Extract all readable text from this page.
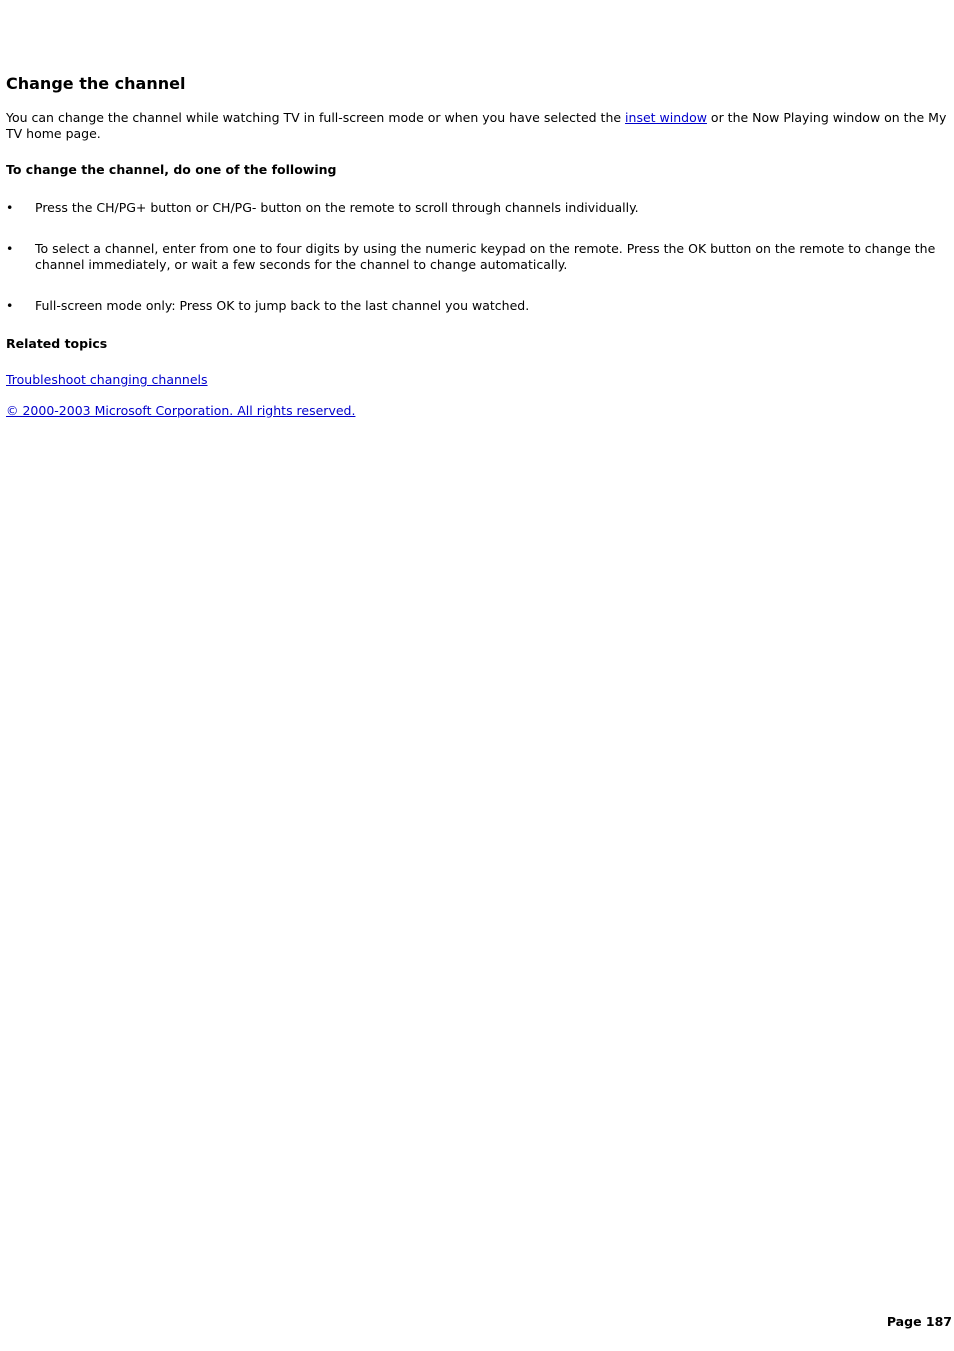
Change the channel

You can change the channel while watching TV in full-screen mode or when you have selected the inset window or the Now Playing window on the My TV home page.

To change the channel, do one of the following

• Press the CH/PG+ button or CH/PG- button on the remote to scroll through channels individually.
• To select a channel, enter from one to four digits by using the numeric keypad on the remote. Press the OK button on the remote to change the channel immediately, or wait a few seconds for the channel to change automatically.
• Full-screen mode only: Press OK to jump back to the last channel you watched.

Related topics

Troubleshoot changing channels
© 2000-2003 Microsoft Corporation. All rights reserved.
Page 187
